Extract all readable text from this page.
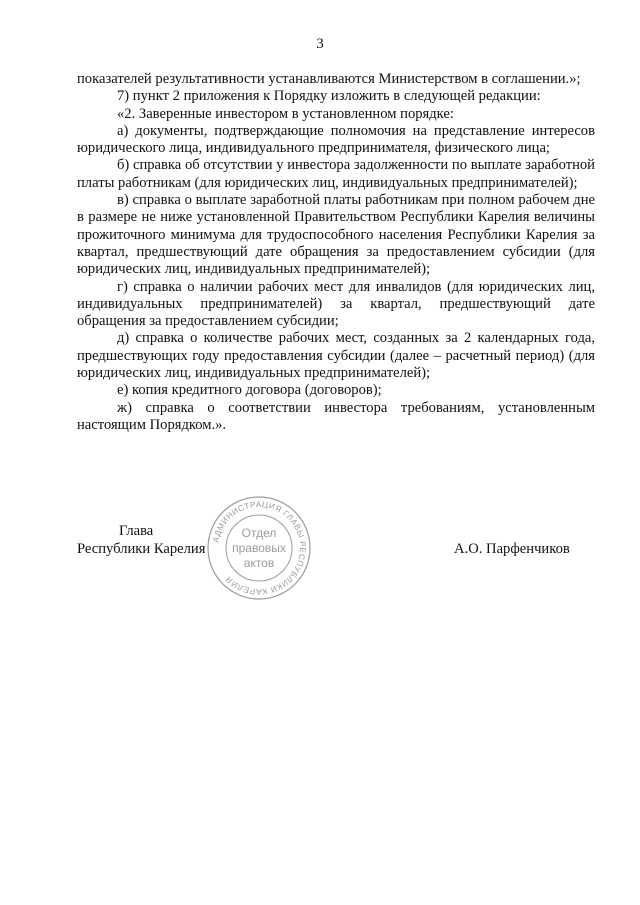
3

показателей результативности устанавливаются Министерством в соглашении.»;

7) пункт 2 приложения к Порядку изложить в следующей редакции:

«2. Заверенные инвестором в установленном порядке:

а) документы, подтверждающие полномочия на представление интересов юридического лица, индивидуального предпринимателя, физического лица;

б) справка об отсутствии у инвестора задолженности по выплате заработной платы работникам (для юридических лиц, индивидуальных предпринимателей);

в) справка о выплате заработной платы работникам при полном рабочем дне в размере не ниже установленной Правительством Республики Карелия величины прожиточного минимума для трудоспособного населения Республики Карелия за квартал, предшествующий дате обращения за предоставлением субсидии (для юридических лиц, индивидуальных предпринимателей);

г) справка о наличии рабочих мест для инвалидов (для юридических лиц, индивидуальных предпринимателей) за квартал, предшествующий дате обращения за предоставлением субсидии;

д) справка о количестве рабочих мест, созданных за 2 календарных года, предшествующих году предоставления субсидии (далее – расчетный период) (для юридических лиц, индивидуальных предпринимателей);

е) копия кредитного договора (договоров);

ж) справка о соответствии инвестора требованиям, установленным настоящим Порядком.».

Глава
Республики Карелия	А.О. Парфенчиков
АДМИНИСТРАЦИЯ ГЛАВЫ РЕСПУБЛИКИ КАРЕЛИЯ
Отдел
правовых
актов
